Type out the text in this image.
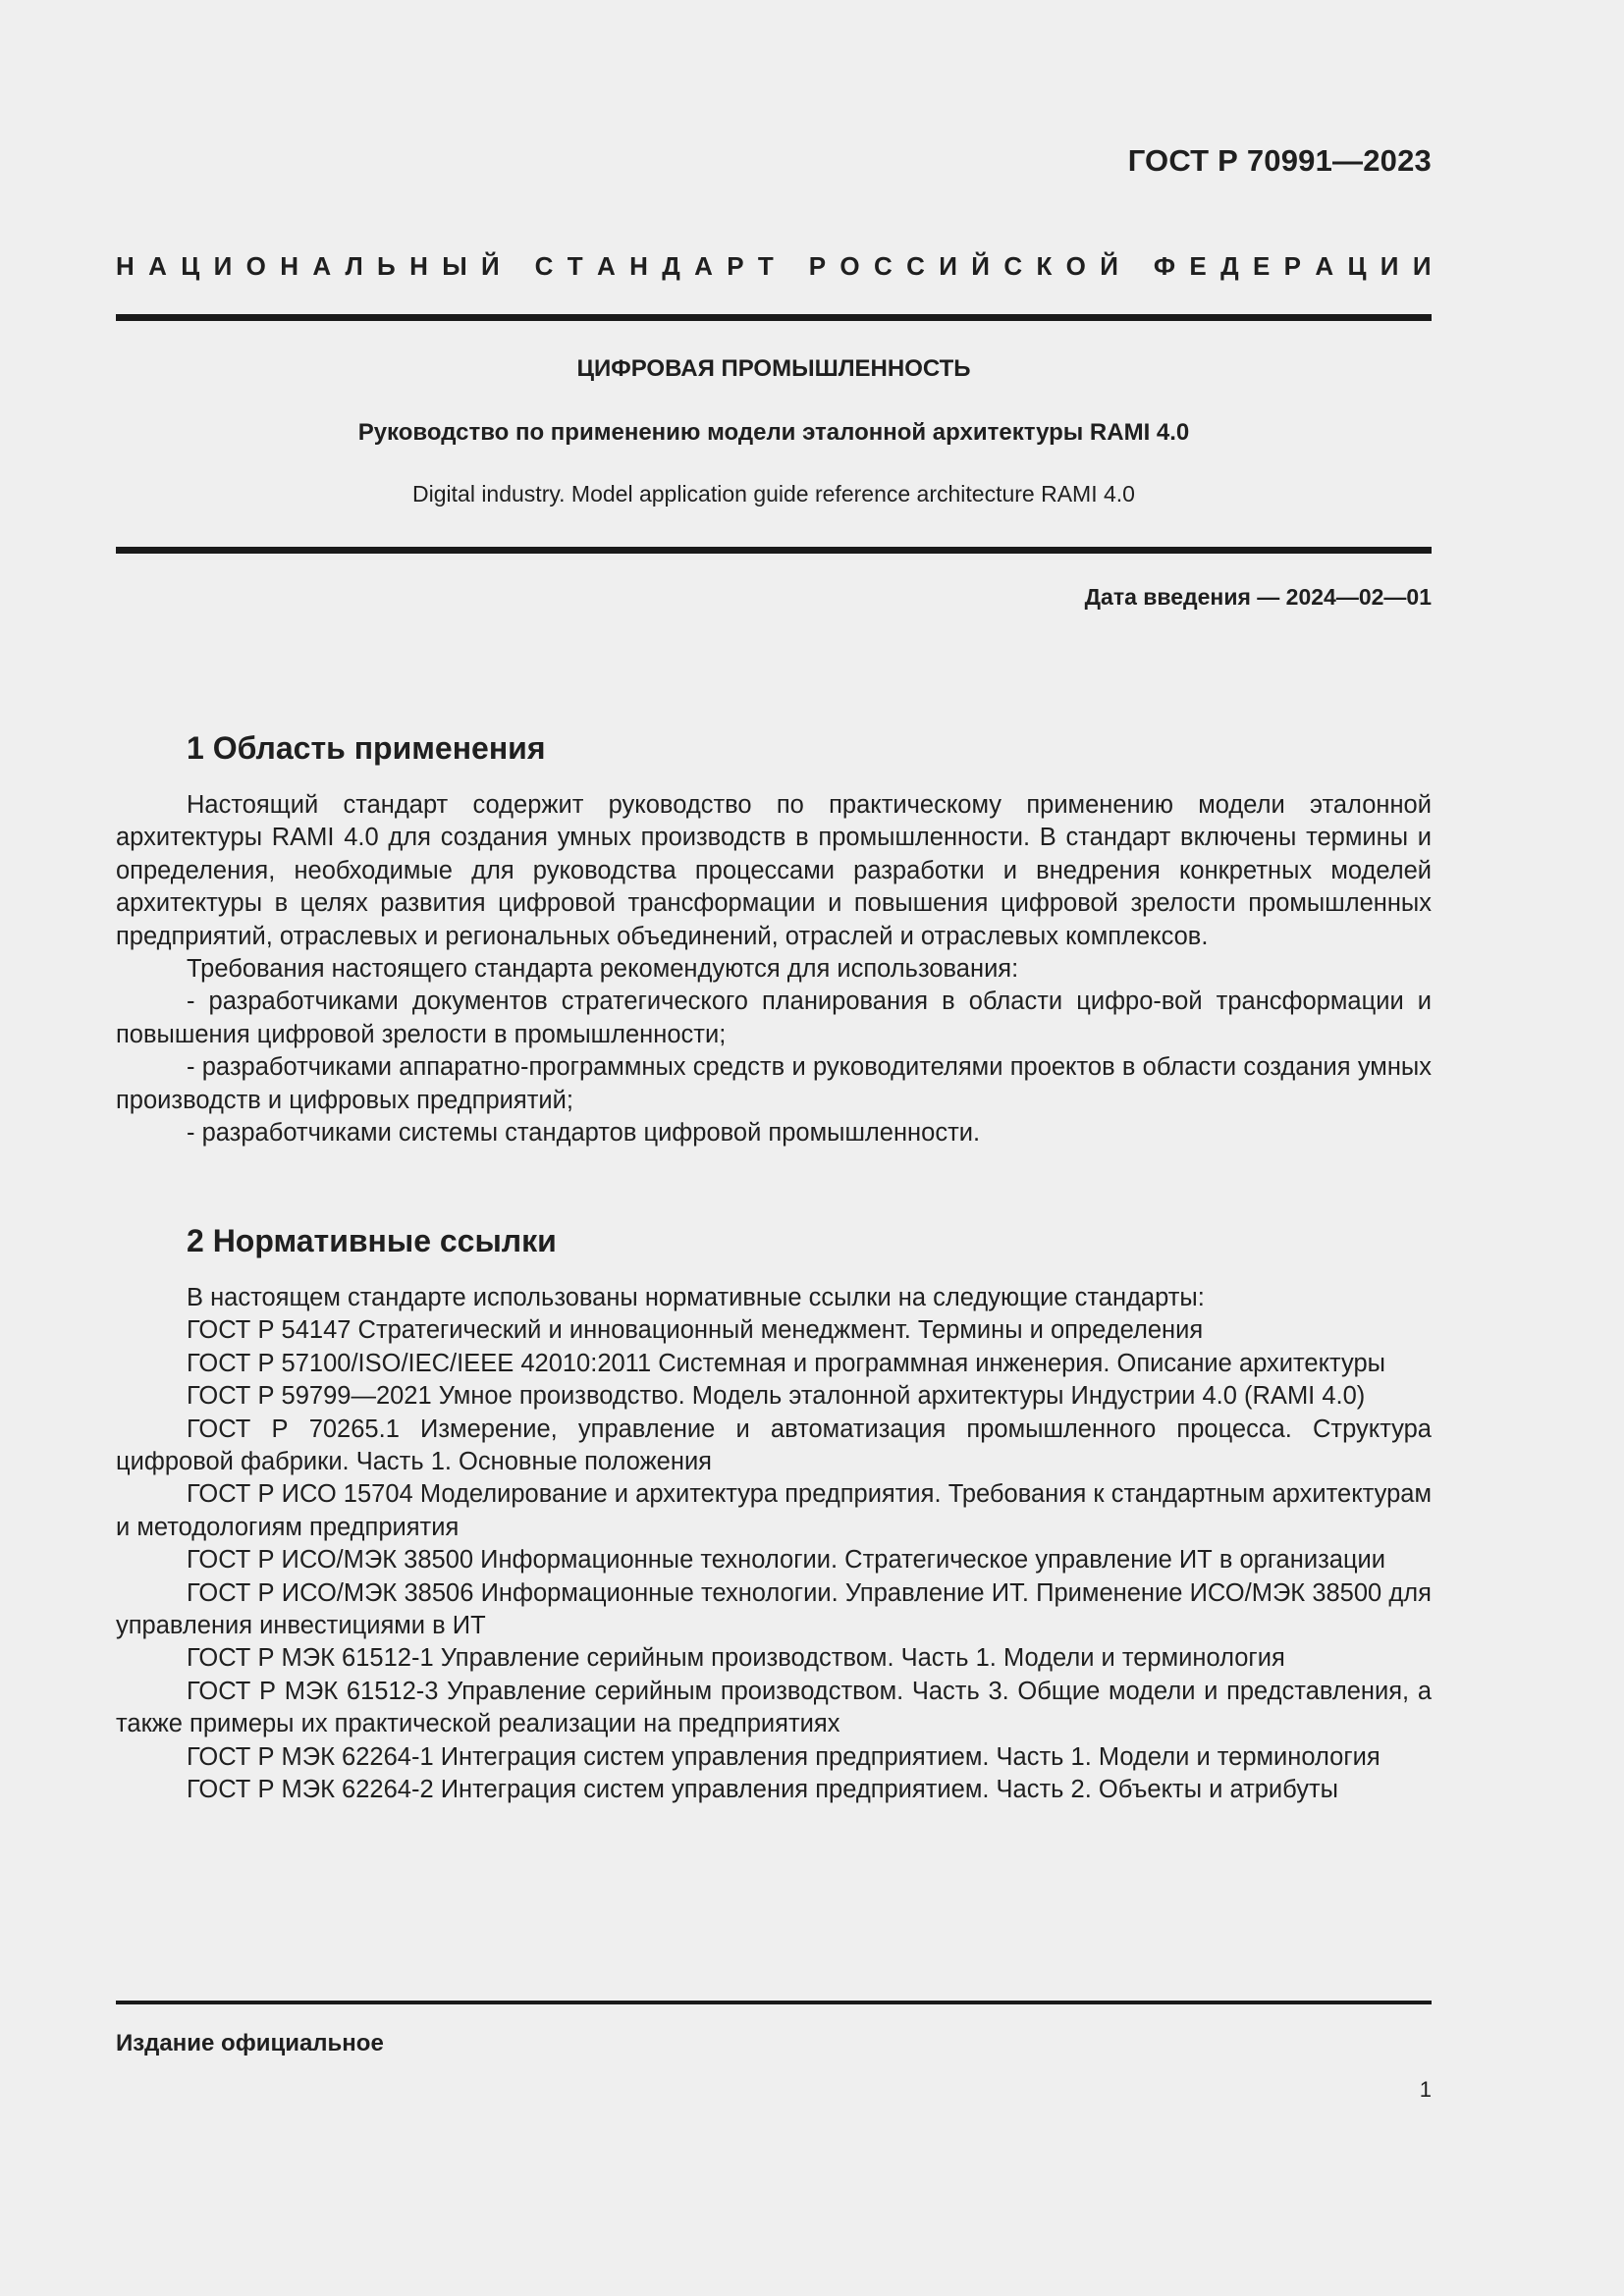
ГОСТ Р 70991—2023
Н А Ц И О Н А Л Ь Н Ы Й
С Т А Н Д А Р Т
Р О С С И Й С К О Й
Ф Е Д Е Р А Ц И И
ЦИФРОВАЯ ПРОМЫШЛЕННОСТЬ
Руководство по применению модели эталонной архитектуры RAMI 4.0
Digital industry. Model application guide reference architecture RAMI 4.0
Дата введения — 2024—02—01
1 Область применения

Настоящий стандарт содержит руководство по практическому применению модели эталонной архитектуры RAMI 4.0 для создания умных производств в промышленности. В стандарт включены термины и определения, необходимые для руководства процессами разработки и внедрения конкретных моделей архитектуры в целях развития цифровой трансформации и повышения цифровой зрелости промышленных предприятий, отраслевых и региональных объединений, отраслей и отраслевых комплексов.

Требования настоящего стандарта рекомендуются для использования:

- разработчиками документов стратегического планирования в области цифро-вой трансформации и повышения цифровой зрелости в промышленности;

- разработчиками аппаратно-программных средств и руководителями проектов в области создания умных производств и цифровых предприятий;

- разработчиками системы стандартов цифровой промышленности.

2 Нормативные ссылки

В настоящем стандарте использованы нормативные ссылки на следующие стандарты:

ГОСТ Р 54147 Стратегический и инновационный менеджмент. Термины и определения

ГОСТ Р 57100/ISO/IEC/IEEE 42010:2011 Системная и программная инженерия. Описание архитектуры

ГОСТ Р 59799—2021 Умное производство. Модель эталонной архитектуры Индустрии 4.0 (RAMI 4.0)

ГОСТ Р 70265.1 Измерение, управление и автоматизация промышленного процесса. Структура цифровой фабрики. Часть 1. Основные положения

ГОСТ Р ИСО 15704 Моделирование и архитектура предприятия. Требования к стандартным архитектурам и методологиям предприятия

ГОСТ Р ИСО/МЭК 38500 Информационные технологии. Стратегическое управление ИТ в организации

ГОСТ Р ИСО/МЭК 38506 Информационные технологии. Управление ИТ. Применение ИСО/МЭК 38500 для управления инвестициями в ИТ

ГОСТ Р МЭК 61512-1 Управление серийным производством. Часть 1. Модели и терминология

ГОСТ Р МЭК 61512-3 Управление серийным производством. Часть 3. Общие модели и представления, а также примеры их практической реализации на предприятиях

ГОСТ Р МЭК 62264-1 Интеграция систем управления предприятием. Часть 1. Модели и терминология

ГОСТ Р МЭК 62264-2 Интеграция систем управления предприятием. Часть 2. Объекты и атрибуты

Издание официальное
1
